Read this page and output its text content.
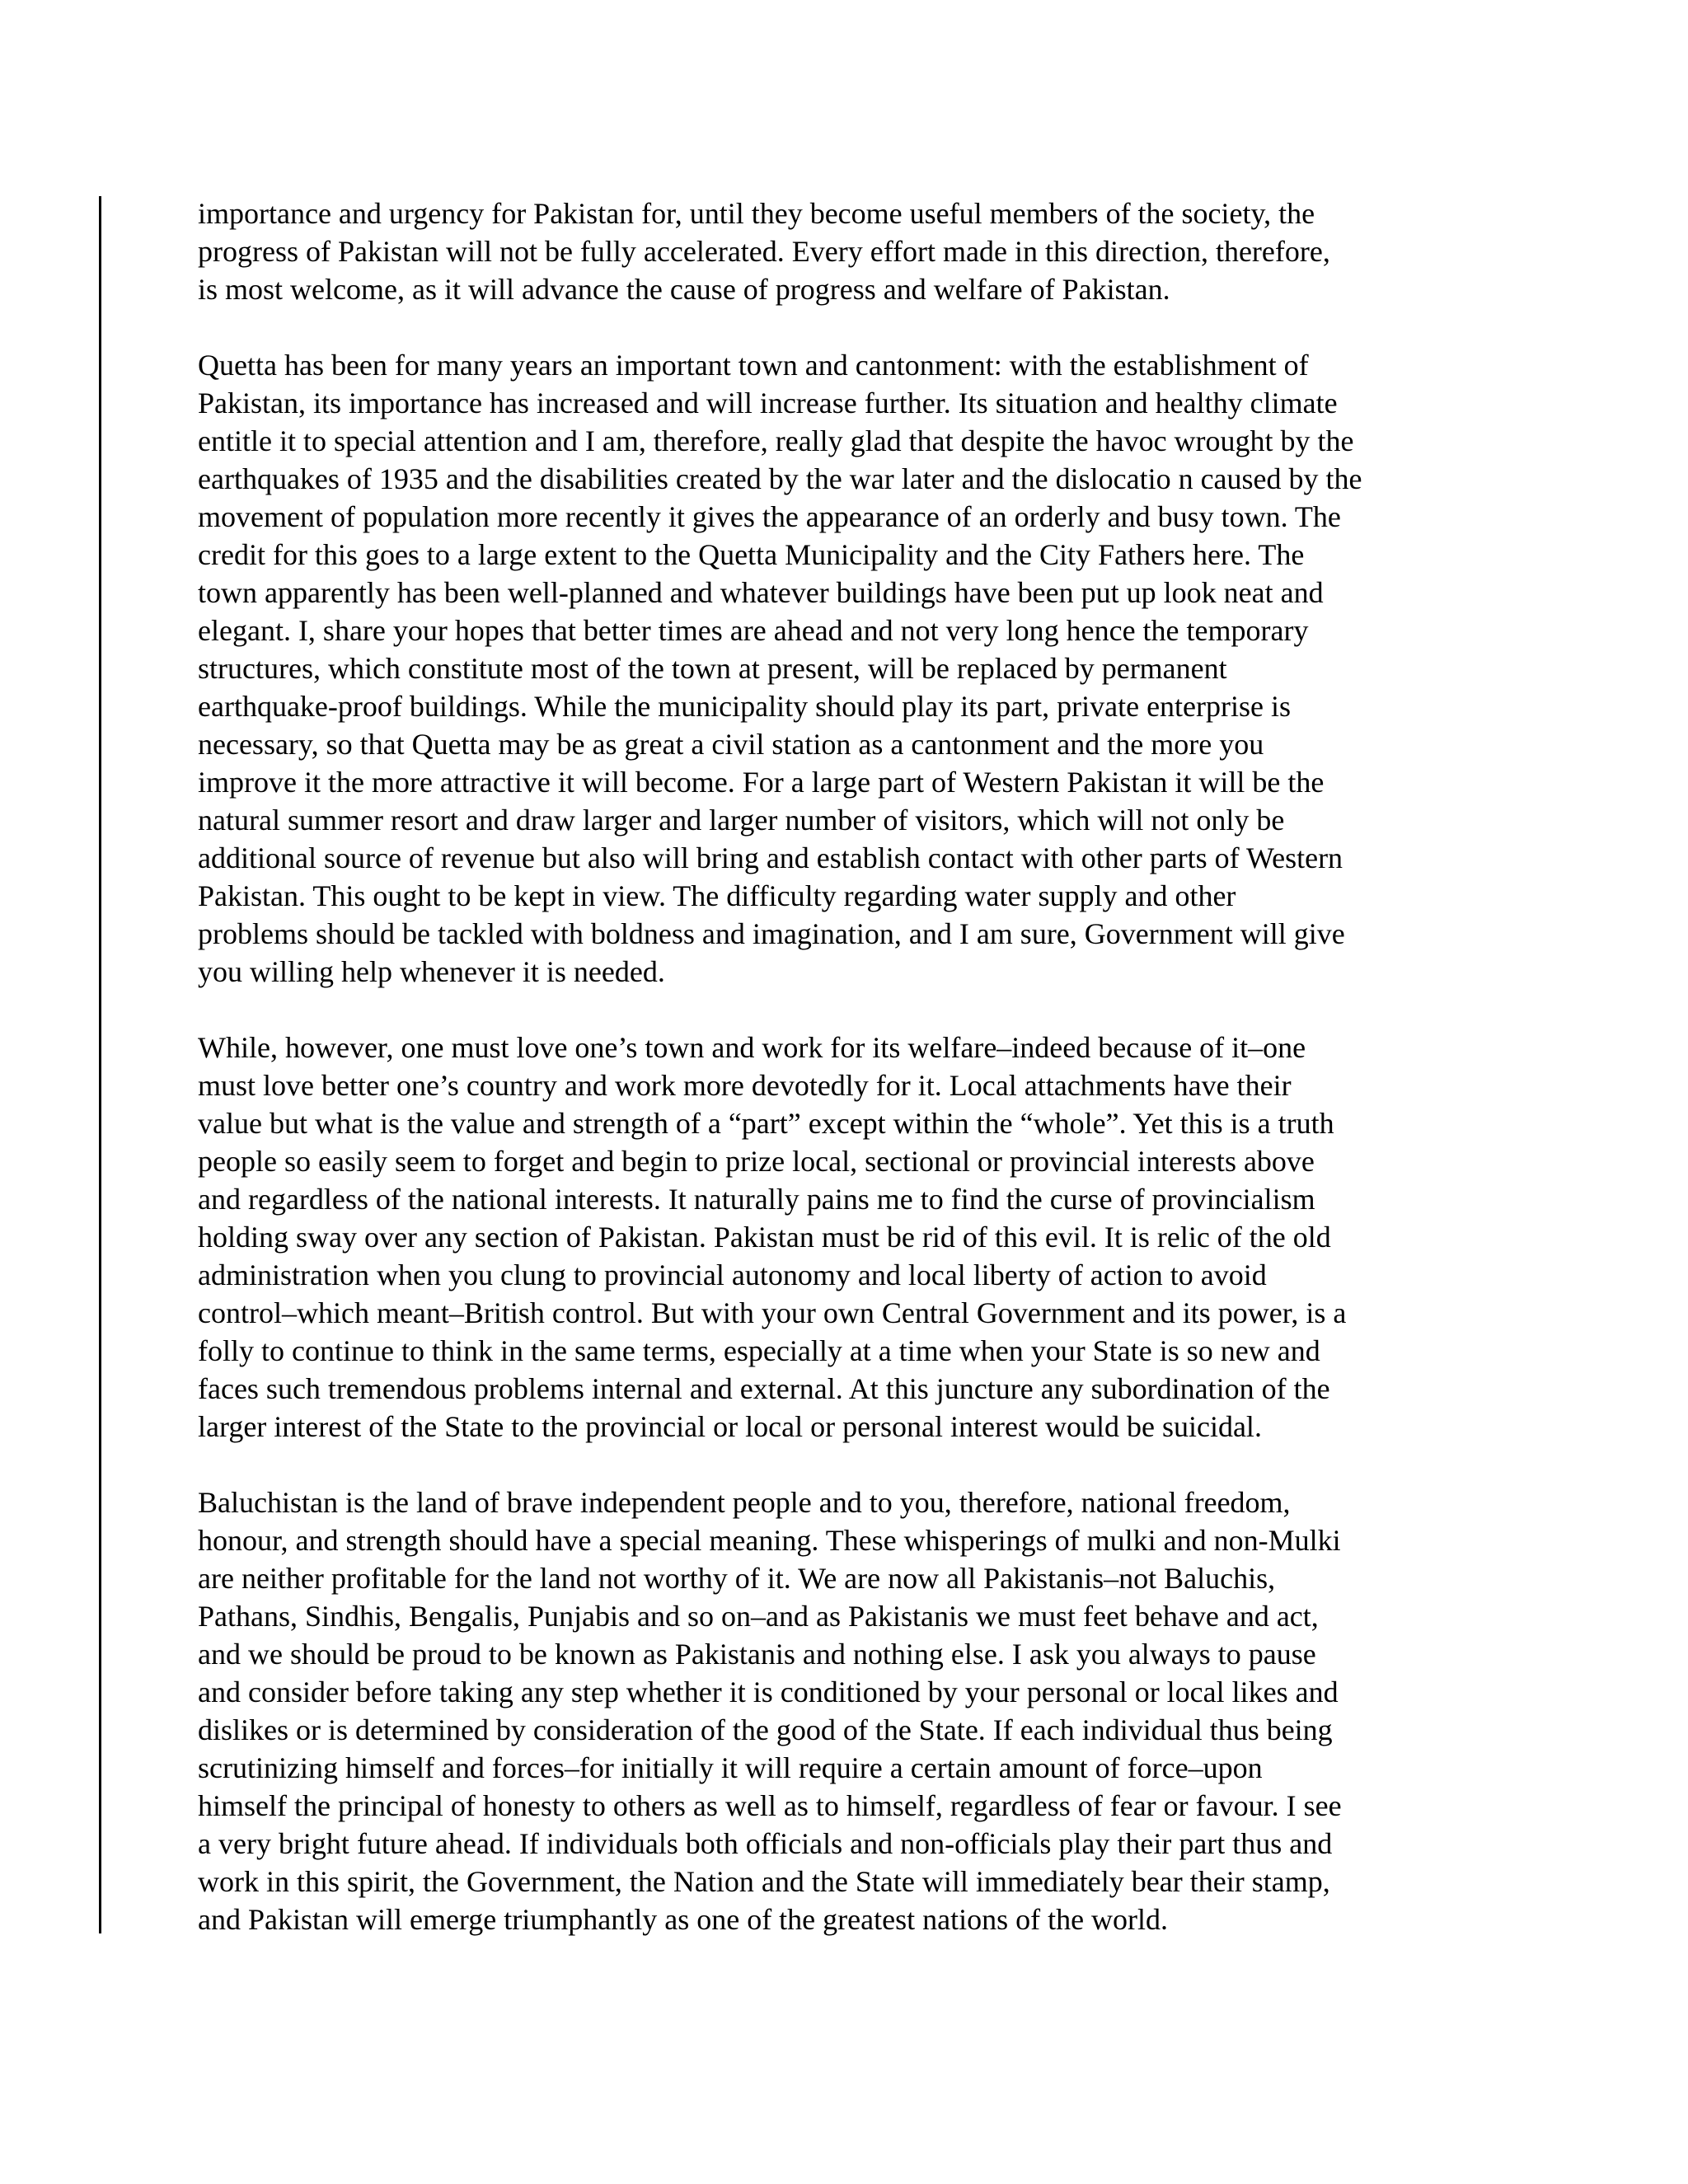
importance and urgency for Pakistan for, until they become useful members of the society, the
progress of Pakistan will not be fully accelerated. Every effort made in this direction, therefore,
is most welcome, as it will advance the cause of progress and welfare of Pakistan.

Quetta has been for many years an important town and cantonment: with the establishment of
Pakistan, its importance has increased and will increase further. Its situation and healthy climate
entitle it to special attention and I am, therefore, really glad that despite the havoc wrought by the
earthquakes of 1935 and the disabilities created by the war later and the dislocatio n caused by the
movement of population more recently it gives the appearance of an orderly and busy town. The
credit for this goes to a large extent to the Quetta Municipality and the City Fathers here. The
town apparently has been well-planned and whatever buildings have been put up look neat and
elegant. I, share your hopes that better times are ahead and not very long hence the temporary
structures, which constitute most of the town at present, will be replaced by permanent
earthquake-proof buildings. While the municipality should play its part, private enterprise is
necessary, so that Quetta may be as great a civil station as a cantonment and the more you
improve it the more attractive it will become. For a large part of Western Pakistan it will be the
natural summer resort and draw larger and larger number of visitors, which will not only be
additional source of revenue but also will bring and establish contact with other parts of Western
Pakistan. This ought to be kept in view. The difficulty regarding water supply and other
problems should be tackled with boldness and imagination, and I am sure, Government will give
you willing help whenever it is needed.

While, however, one must love one’s town and work for its welfare–indeed because of it–one
must love better one’s country and work more devotedly for it. Local attachments have their
value but what is the value and strength of a “part” except within the “whole”. Yet this is a truth
people so easily seem to forget and begin to prize local, sectional or provincial interests above
and regardless of the national interests. It naturally pains me to find the curse of provincialism
holding sway over any section of Pakistan. Pakistan must be rid of this evil. It is relic of the old
administration when you clung to provincial autonomy and local liberty of action to avoid
control–which meant–British control. But with your own Central Government and its power, is a
folly to continue to think in the same terms, especially at a time when your State is so new and
faces such tremendous problems internal and external. At this juncture any subordination of the
larger interest of the State to the provincial or local or personal interest would be suicidal.

Baluchistan is the land of brave independent people and to you, therefore, national freedom,
honour, and strength should have a special meaning. These whisperings of mulki and non-Mulki
are neither profitable for the land not worthy of it. We are now all Pakistanis–not Baluchis,
Pathans, Sindhis, Bengalis, Punjabis and so on–and as Pakistanis we must feet behave and act,
and we should be proud to be known as Pakistanis and nothing else. I ask you always to pause
and consider before taking any step whether it is conditioned by your personal or local likes and
dislikes or is determined by consideration of the good of the State. If each individual thus being
scrutinizing himself and forces–for initially it will require a certain amount of force–upon
himself the principal of honesty to others as well as to himself, regardless of fear or favour. I see
a very bright future ahead. If individuals both officials and non-officials play their part thus and
work in this spirit, the Government, the Nation and the State will immediately bear their stamp,
and Pakistan will emerge triumphantly as one of the greatest nations of the world.
